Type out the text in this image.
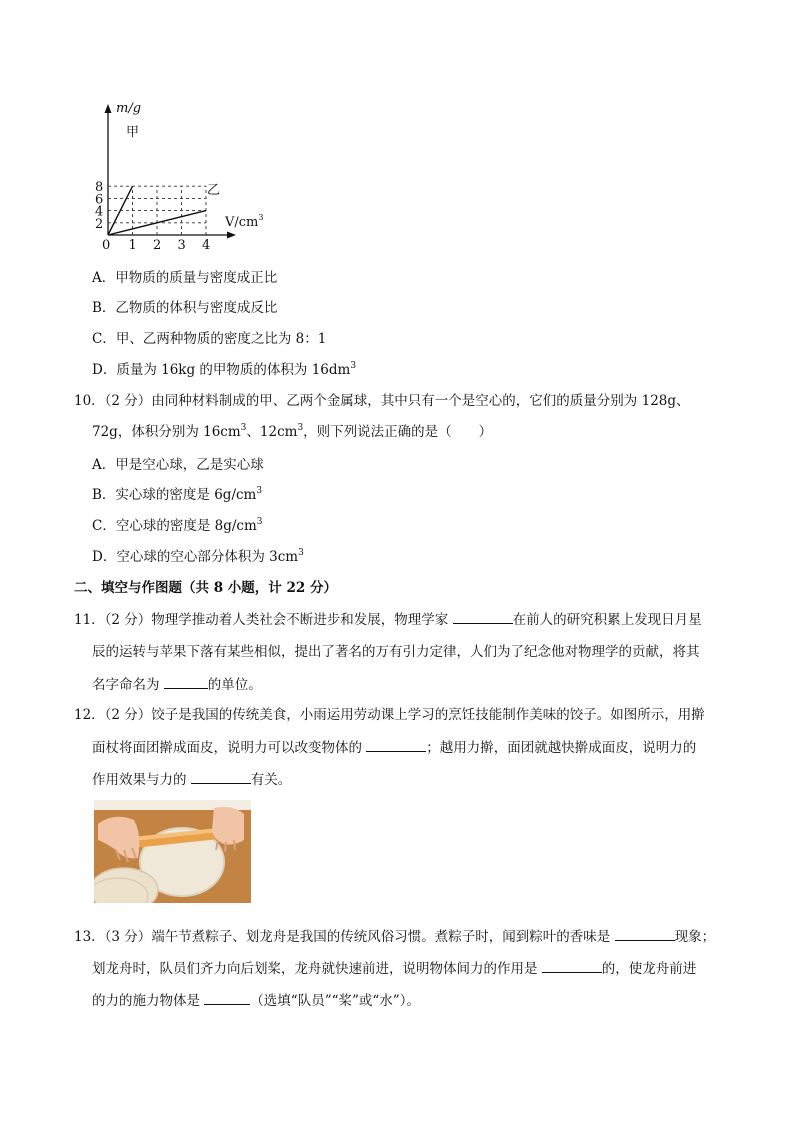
2
4
6
8
1 2 3 4
m/g
$V/cm^3$
0
甲
乙
A．甲物质的质量与密度成正比
B．乙物质的体积与密度成反比
C．甲、乙两种物质的密度之比为 8：1
D．质量为 16kg 的甲物质的体积为 $16dm^3$
10．（2 分）由同种材料制成的甲、乙两个金属球，其中只有一个是空心的，它们的质量分别为 128g、
72g，体积分别为 $16cm^3$、$12cm^3$，则下列说法正确的是（　　）
A．甲是空心球，乙是实心球
B．实心球的密度是 $6g/cm^3$
C．空心球的密度是 $8g/cm^3$
D．空心球的空心部分体积为 $3cm^3$
二、填空与作图题（共 8 小题，计 22 分）
11．（2 分）物理学推动着人类社会不断进步和发展，物理学家	在前人的研究积累上发现日月星
辰的运转与苹果下落有某些相似，提出了著名的万有引力定律，人们为了纪念他对物理学的贡献，将其
名字命名为	的单位。
12．（2 分）饺子是我国的传统美食，小雨运用劳动课上学习的烹饪技能制作美味的饺子。如图所示，用擀
面杖将面团擀成面皮，说明力可以改变物体的	；越用力擀，面团就越快擀成面皮，说明力的
作用效果与力的	有关。
13．（3 分）端午节煮粽子、划龙舟是我国的传统风俗习惯。煮粽子时，闻到粽叶的香味是	现象；
划龙舟时，队员们齐力向后划桨，龙舟就快速前进，说明物体间力的作用是	的，使龙舟前进
的力的施力物体是	（选填“队员”“桨”或“水”）。
